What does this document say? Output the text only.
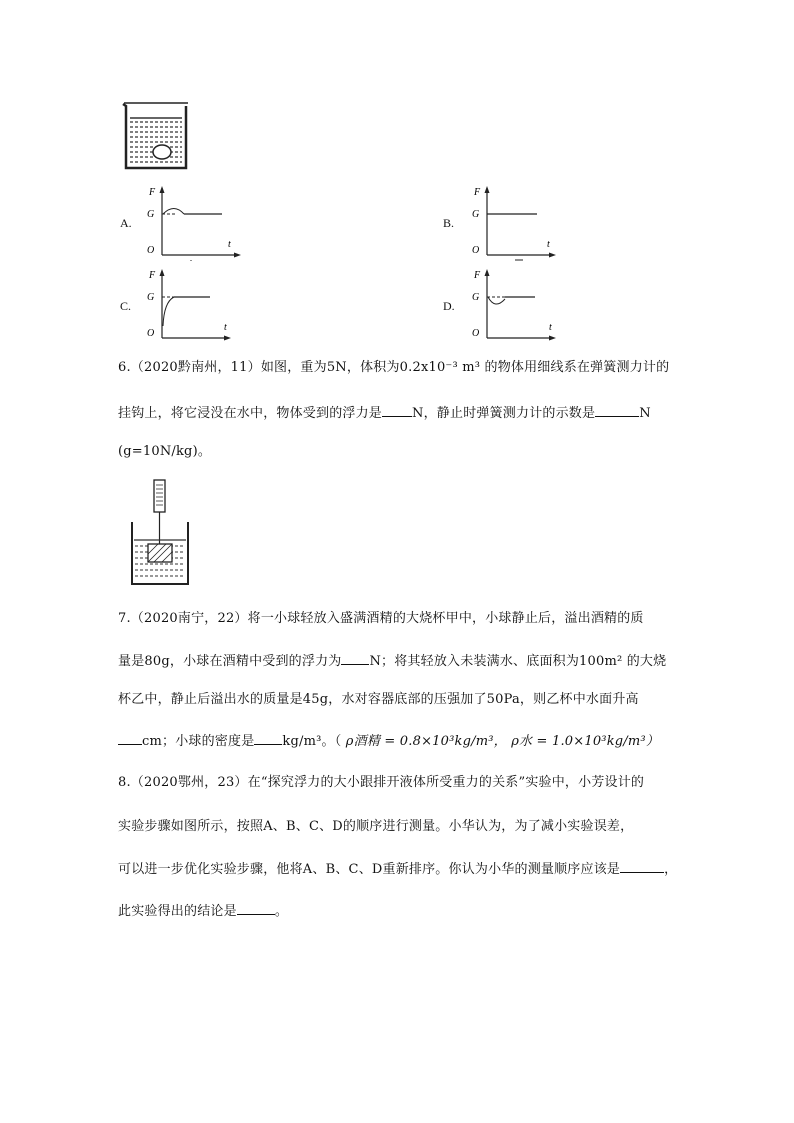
A.
F
G
O
t
B.
F
G
O
t
C.
F
G
O
t
D.
F
G
O
t
6.（2020黔南州，11）如图，重为5N，体积为0.2x10⁻³ m³ 的物体用细线系在弹簧测力计的
挂钩上，将它浸没在水中，物体受到的浮力是 N，静止时弹簧测力计的示数是	N
(g=10N/kg)。
7.（2020南宁，22）将一小球轻放入盛满酒精的大烧杯甲中，小球静止后，溢出酒精的质
量是80g，小球在酒精中受到的浮力为 N；将其轻放入未装满水、底面积为100m² 的大烧
杯乙中，静止后溢出水的质量是45g，水对容器底部的压强加了50Pa，则乙杯中水面升高
cm；小球的密度是 kg/m³。（ ρ酒精 = 0.8×10³kg/m³， ρ水 = 1.0×10³kg/m³）
8.（2020鄂州，23）在“探究浮力的大小跟排开液体所受重力的关系”实验中，小芳设计的
实验步骤如图所示，按照A、B、C、D的顺序进行测量。小华认为，为了减小实验误差，
可以进一步优化实验步骤，他将A、B、C、D重新排序。你认为小华的测量顺序应该是	，
此实验得出的结论是	。
